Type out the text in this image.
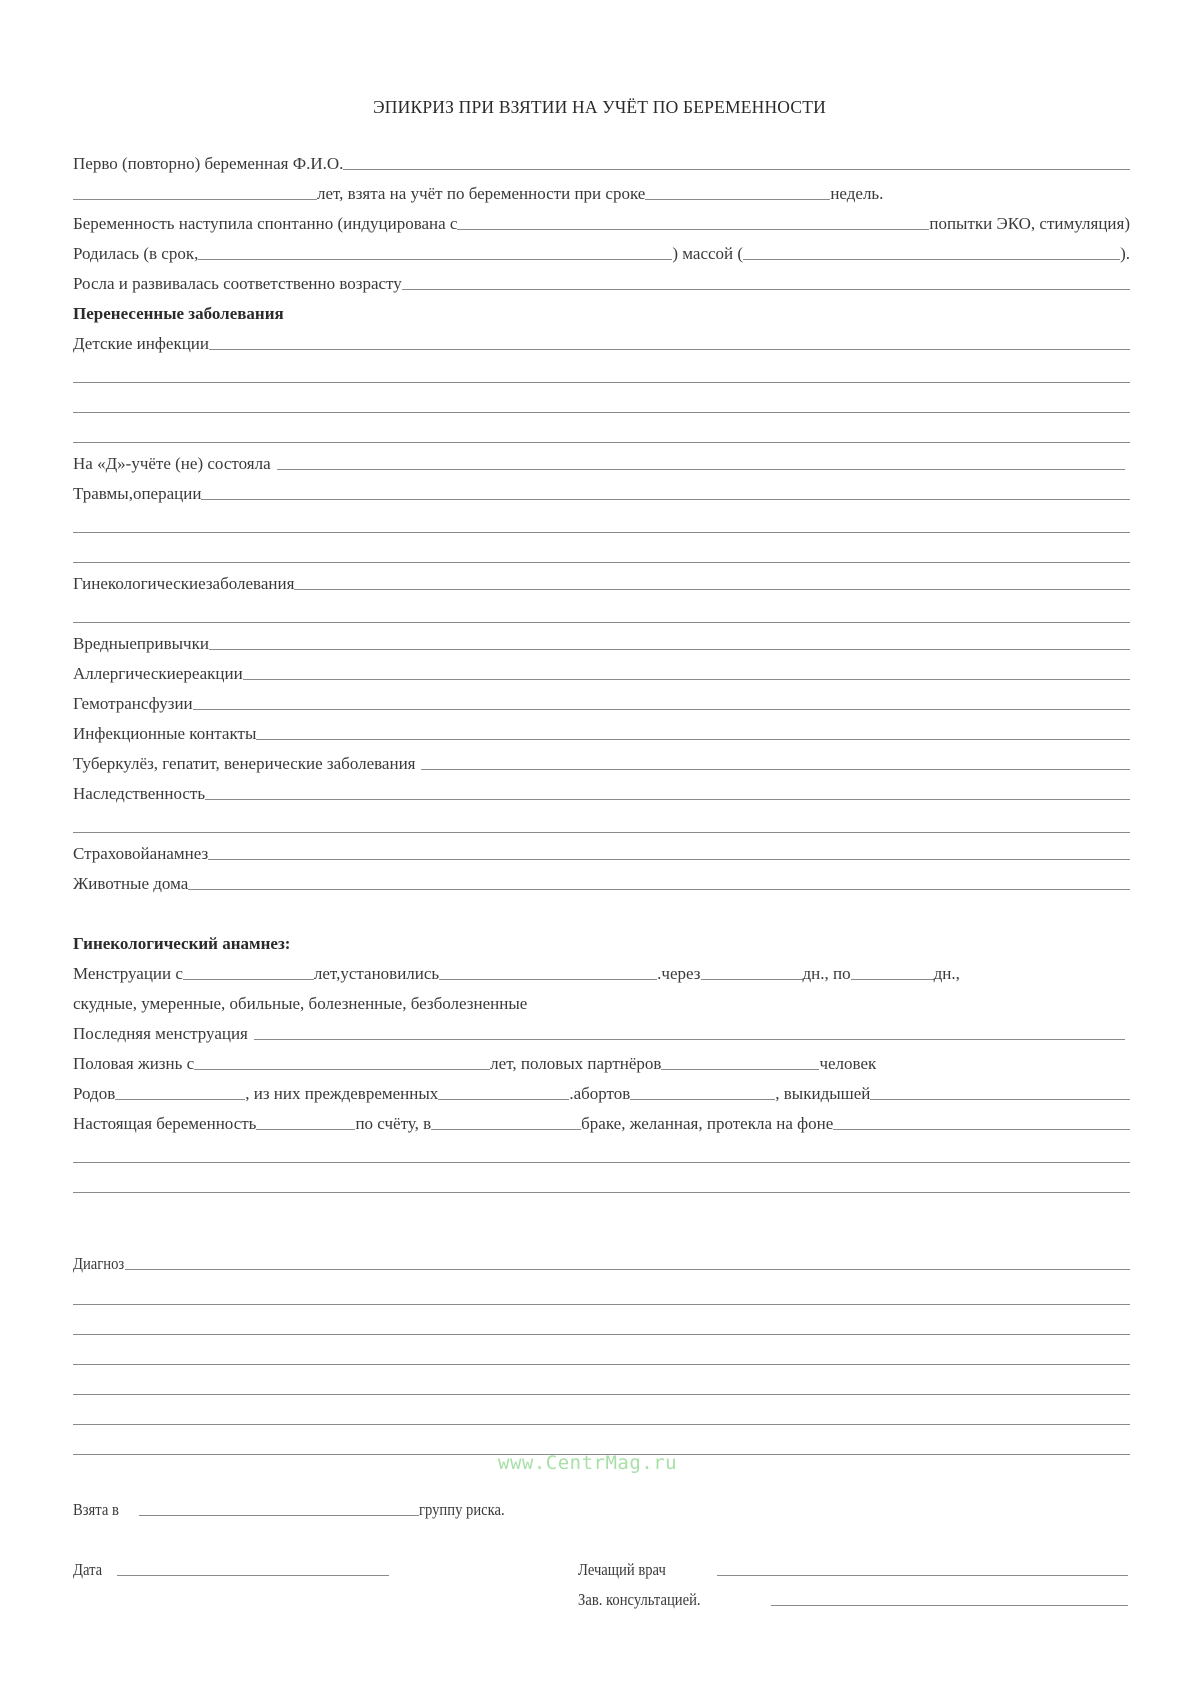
ЭПИКРИЗ ПРИ ВЗЯТИИ НА УЧЁТ ПО БЕРЕМЕННОСТИ
Перво (повторно) беременная Ф.И.О.
лет, взята на учёт по беременности при сроке	недель.
Беременность наступила спонтанно (индуцирована с	попытки ЭКО, стимуляция)
Родилась (в срок,	) массой (	).
Росла и развивалась соответственно возрасту
Перенесенные заболевания
Детские инфекции
На «Д»-учёте (не) состояла
Травмы,операции
Гинекологическиезаболевания
Вредныепривычки
Аллергическиереакции
Гемотрансфузии
Инфекционные контакты
Туберкулёз, гепатит, венерические заболевания
Наследственность
Страховойанамнез
Животные дома
Гинекологический анамнез:
Менструации с	лет,установились	.через	дн., по	дн.,
скудные, умеренные, обильные, болезненные, безболезненные
Последняя менструация
Половая жизнь с	лет, половых партнёров	человек
Родов	, из них преждевременных	.абортов	, выкидышей
Настоящая беременность	по счёту, в	браке, желанная, протекла на фоне
Диагноз
www.CentrMag.ru
Взята в	группу риска.
Дата	Лечащий врач
Зав. консультацией.
